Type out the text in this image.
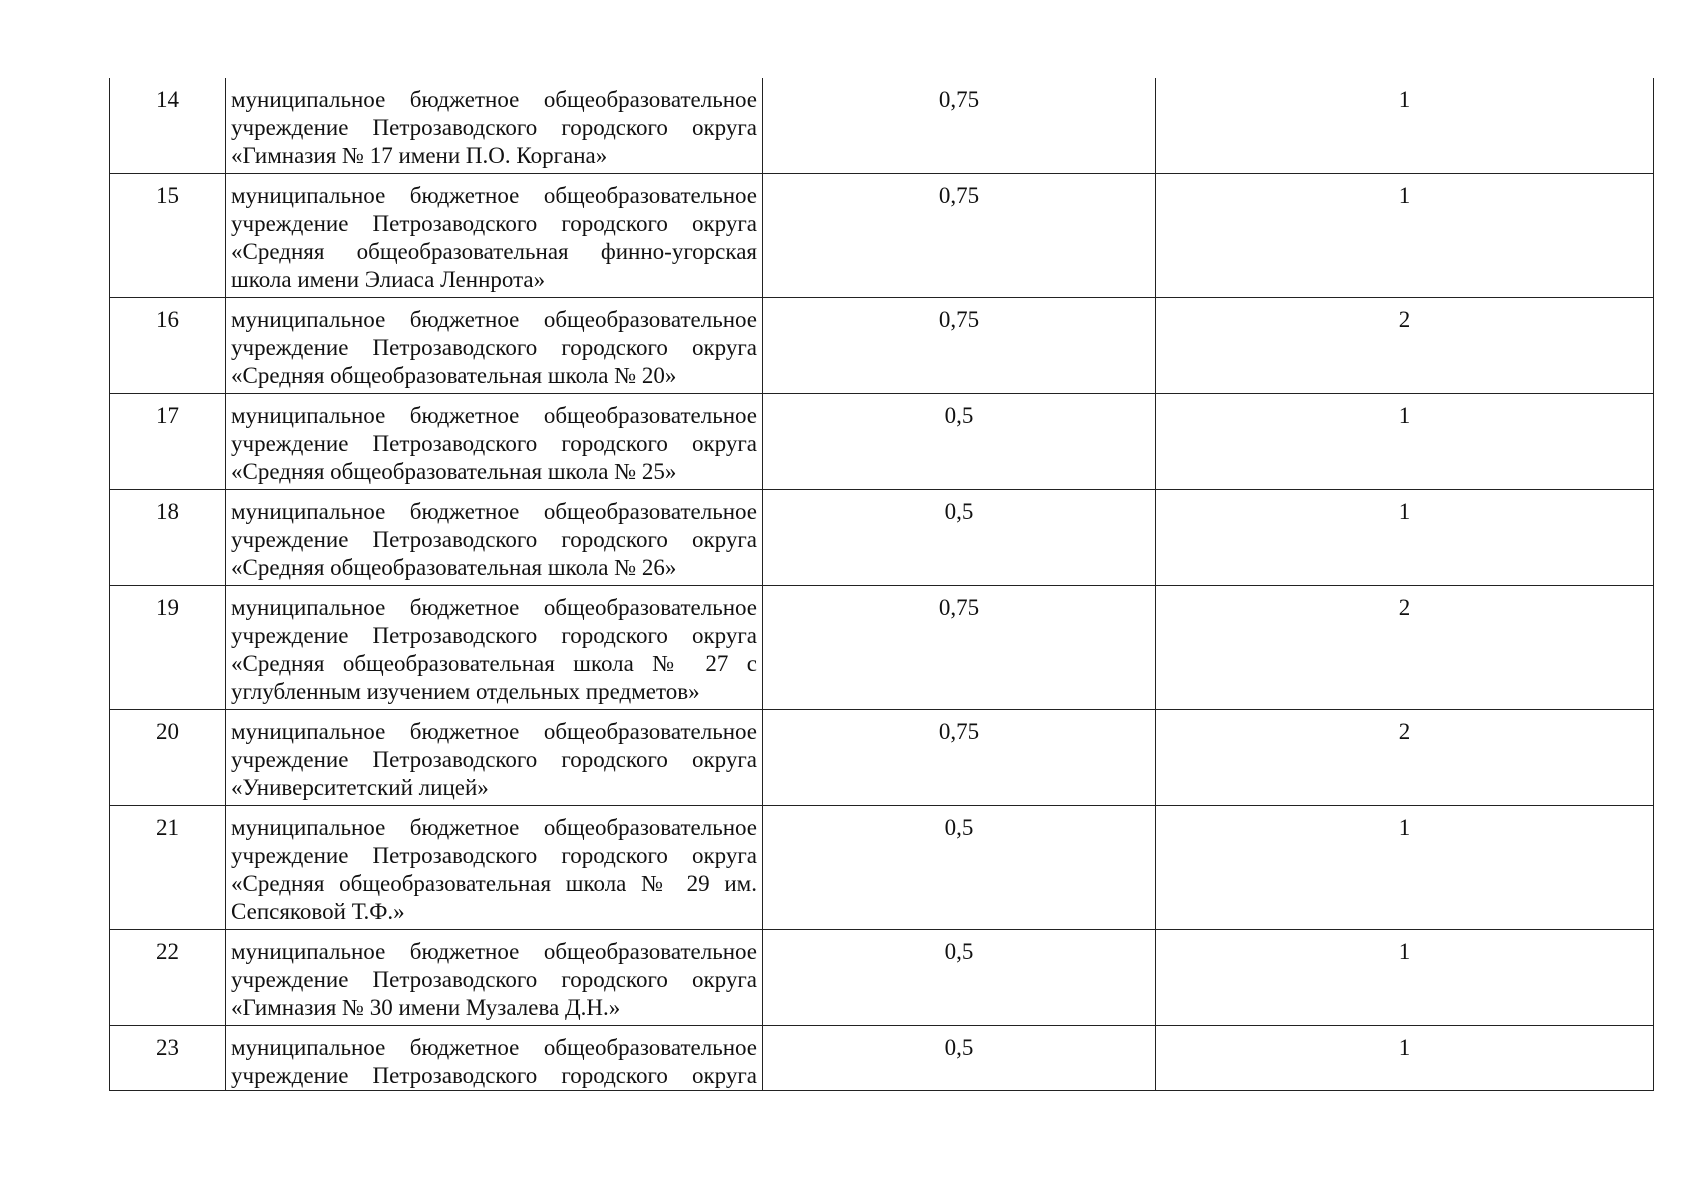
14	муниципальное бюджетное общеобразовательное
учреждение Петрозаводского городского округа
«Гимназия № 17 имени П.О. Коргана»	0,75	1
15	муниципальное бюджетное общеобразовательное
учреждение Петрозаводского городского округа
«Средняя общеобразовательная финно-угорская
школа имени Элиаса Леннрота»	0,75	1
16	муниципальное бюджетное общеобразовательное
учреждение Петрозаводского городского округа
«Средняя общеобразовательная школа № 20»	0,75	2
17	муниципальное бюджетное общеобразовательное
учреждение Петрозаводского городского округа
«Средняя общеобразовательная школа № 25»	0,5	1
18	муниципальное бюджетное общеобразовательное
учреждение Петрозаводского городского округа
«Средняя общеобразовательная школа № 26»	0,5	1
19	муниципальное бюджетное общеобразовательное
учреждение Петрозаводского городского округа
«Средняя общеобразовательная школа № 27 с
углубленным изучением отдельных предметов»	0,75	2
20	муниципальное бюджетное общеобразовательное
учреждение Петрозаводского городского округа
«Университетский лицей»	0,75	2
21	муниципальное бюджетное общеобразовательное
учреждение Петрозаводского городского округа
«Средняя общеобразовательная школа № 29 им.
Сепсяковой Т.Ф.»	0,5	1
22	муниципальное бюджетное общеобразовательное
учреждение Петрозаводского городского округа
«Гимназия № 30 имени Музалева Д.Н.»	0,5	1
23	муниципальное бюджетное общеобразовательное
учреждение Петрозаводского городского округа	0,5	1
